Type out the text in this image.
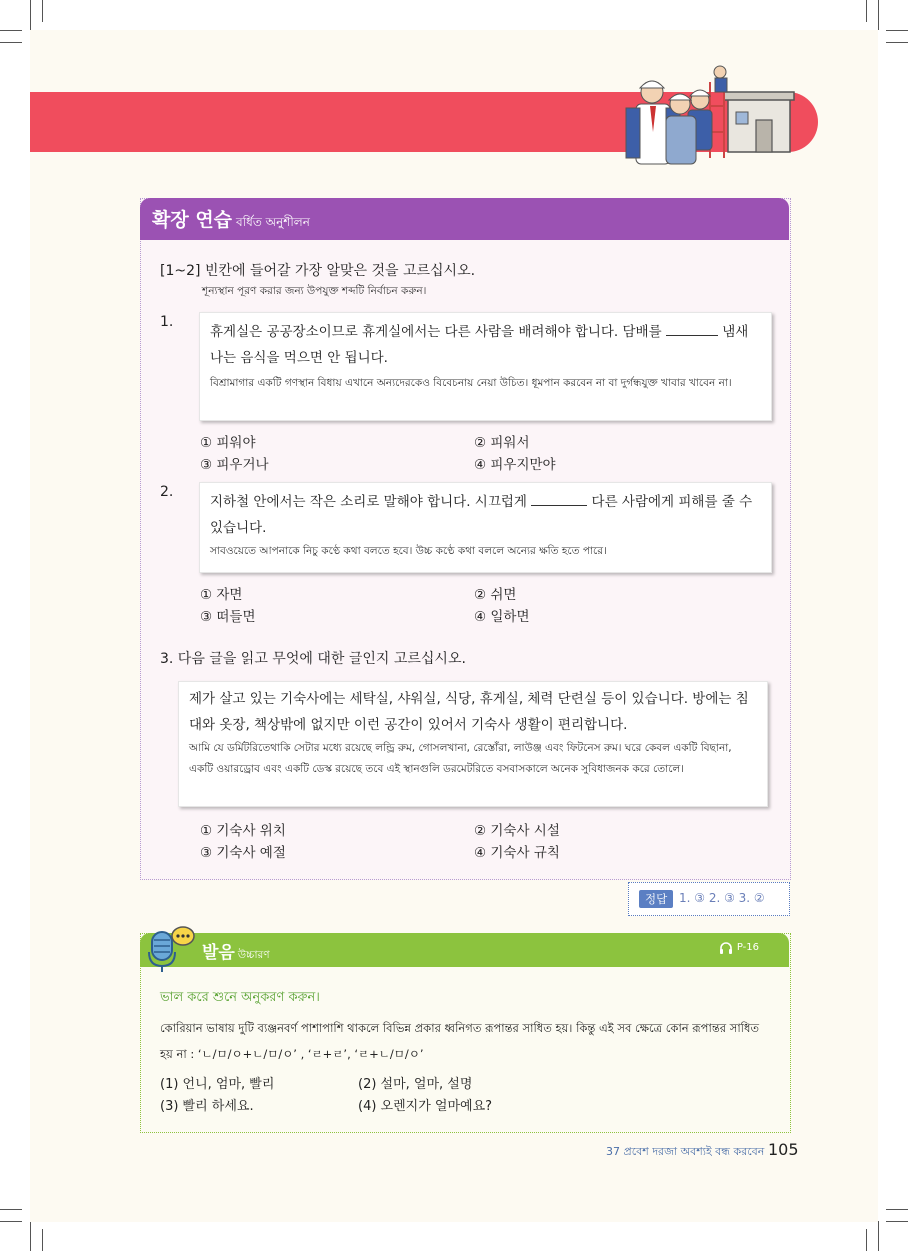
확장 연습 বর্ধিত অনুশীলন
[1~2] 빈칸에 들어갈 가장 알맞은 것을 고르십시오.
শূন্যস্থান পূরণ করার জন্য উপযুক্ত শব্দটি নির্বাচন করুন।
1.
휴게실은 공공장소이므로 휴게실에서는 다른 사람을 배려해야 합니다. 담배를	냄새 나는 음식을 먹으면 안 됩니다.
বিশ্রামাগার একটি গণস্থান বিধায় এখানে অন্যদেরকেও বিবেচনায় নেয়া উচিত। ধূমপান করবেন না বা দুর্গন্ধযুক্ত খাবার খাবেন না।
① 피워야	② 피워서
③ 피우거나	④ 피우지만야
2.
지하철 안에서는 작은 소리로 말해야 합니다. 시끄럽게	다른 사람에게 피해를 줄 수 있습니다.
সাবওয়েতে আপনাকে নিচু কণ্ঠে কথা বলতে হবে। উচ্চ কণ্ঠে কথা বললে অন্যের ক্ষতি হতে পারে।
① 자면	② 쉬면
③ 떠들면	④ 일하면
3. 다음 글을 읽고 무엇에 대한 글인지 고르십시오.
제가 살고 있는 기숙사에는 세탁실, 샤워실, 식당, 휴게실, 체력 단련실 등이 있습니다. 방에는 침대와 옷장, 책상밖에 없지만 이런 공간이 있어서 기숙사 생활이 편리합니다.
আমি যে ডর্মিটরিতেথাকি সেটার মধ্যে রয়েছে লন্ড্রি রুম, গোসলখানা, রেস্তোঁরা, লাউঞ্জ এবং ফিটনেস রুম। ঘরে কেবল একটি বিছানা, একটি ওয়ারড্রোব এবং একটি ডেস্ক রয়েছে তবে এই স্থানগুলি ডরমেটরিতে বসবাসকালে অনেক সুবিধাজনক করে তোলে।
① 기숙사 위치	② 기숙사 시설
③ 기숙사 예절	④ 기숙사 규칙
정답 1. ③ 2. ③ 3. ②
발음 উচ্চারণ
P-16
ভাল করে শুনে অনুকরণ করুন।
কোরিয়ান ভাষায় দুটি ব্যঞ্জনবর্ণ পাশাপাশি থাকলে বিভিন্ন প্রকার ধ্বনিগত রূপান্তর সাধিত হয়। কিন্তু এই সব ক্ষেত্রে কোন রূপান্তর সাধিত হয় না : ‘ㄴ/ㅁ/ㅇ+ㄴ/ㅁ/ㅇ’ , ‘ㄹ+ㄹ’, ‘ㄹ+ㄴ/ㅁ/ㅇ’
(1) 언니, 엄마, 빨리	(2) 설마, 얼마, 설명
(3) 빨리 하세요.	(4) 오렌지가 얼마예요?
37 প্রবেশ দরজা অবশ্যই বন্ধ করবেন 105
